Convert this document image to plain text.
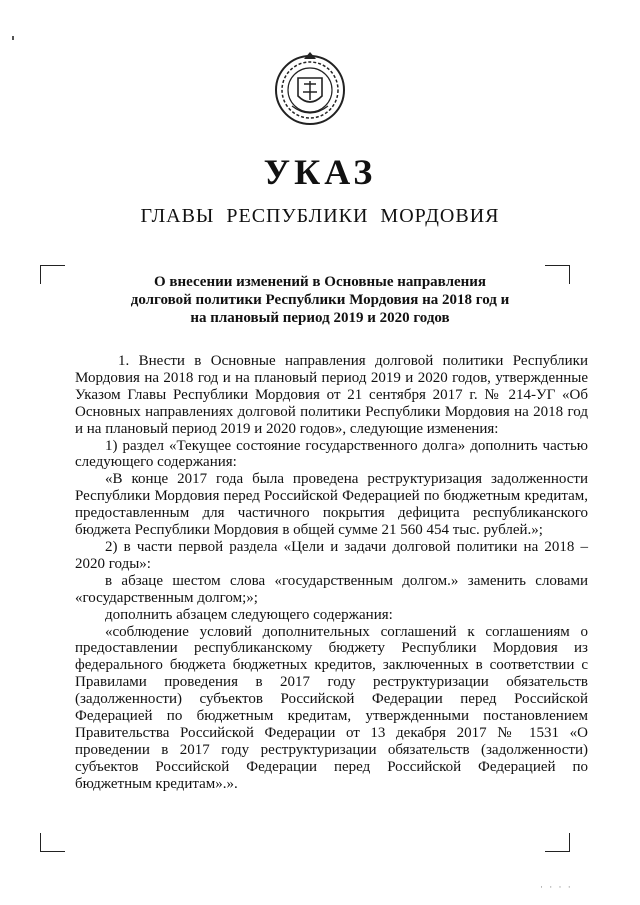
УКАЗ
ГЛАВЫ РЕСПУБЛИКИ МОРДОВИЯ
О внесении изменений в Основные направления
долговой политики Республики Мордовия на 2018 год и
на плановый период 2019 и 2020 годов

1. Внести в Основные направления долговой политики Республики Мордовия на 2018 год и на плановый период 2019 и 2020 годов, утвержденные Указом Главы Республики Мордовия от 21 сентября 2017 г. № 214-УГ «Об Основных направлениях долговой политики Республики Мордовия на 2018 год и на плановый период 2019 и 2020 годов», следующие изменения:

1) раздел «Текущее состояние государственного долга» дополнить частью следующего содержания:

«В конце 2017 года была проведена реструктуризация задолженности Республики Мордовия перед Российской Федерацией по бюджетным кредитам, предоставленным для частичного покрытия дефицита республиканского бюджета Республики Мордовия в общей сумме 21 560 454 тыс. рублей.»;

2) в части первой раздела «Цели и задачи долговой политики на 2018 – 2020 годы»:

в абзаце шестом слова «государственным долгом.» заменить словами «государственным долгом;»;

дополнить абзацем следующего содержания:

«соблюдение условий дополнительных соглашений к соглашениям о предоставлении республиканскому бюджету Республики Мордовия из федерального бюджета бюджетных кредитов, заключенных в соответствии с Правилами проведения в 2017 году реструктуризации обязательств (задолженности) субъектов Российской Федерации перед Российской Федерацией по бюджетным кредитам, утвержденными постановлением Правительства Российской Федерации от 13 декабря 2017 № 1531 «О проведении в 2017 году реструктуризации обязательств (задолженности) субъектов Российской Федерации перед Российской Федерацией по бюджетным кредитам».».

· · · ·
